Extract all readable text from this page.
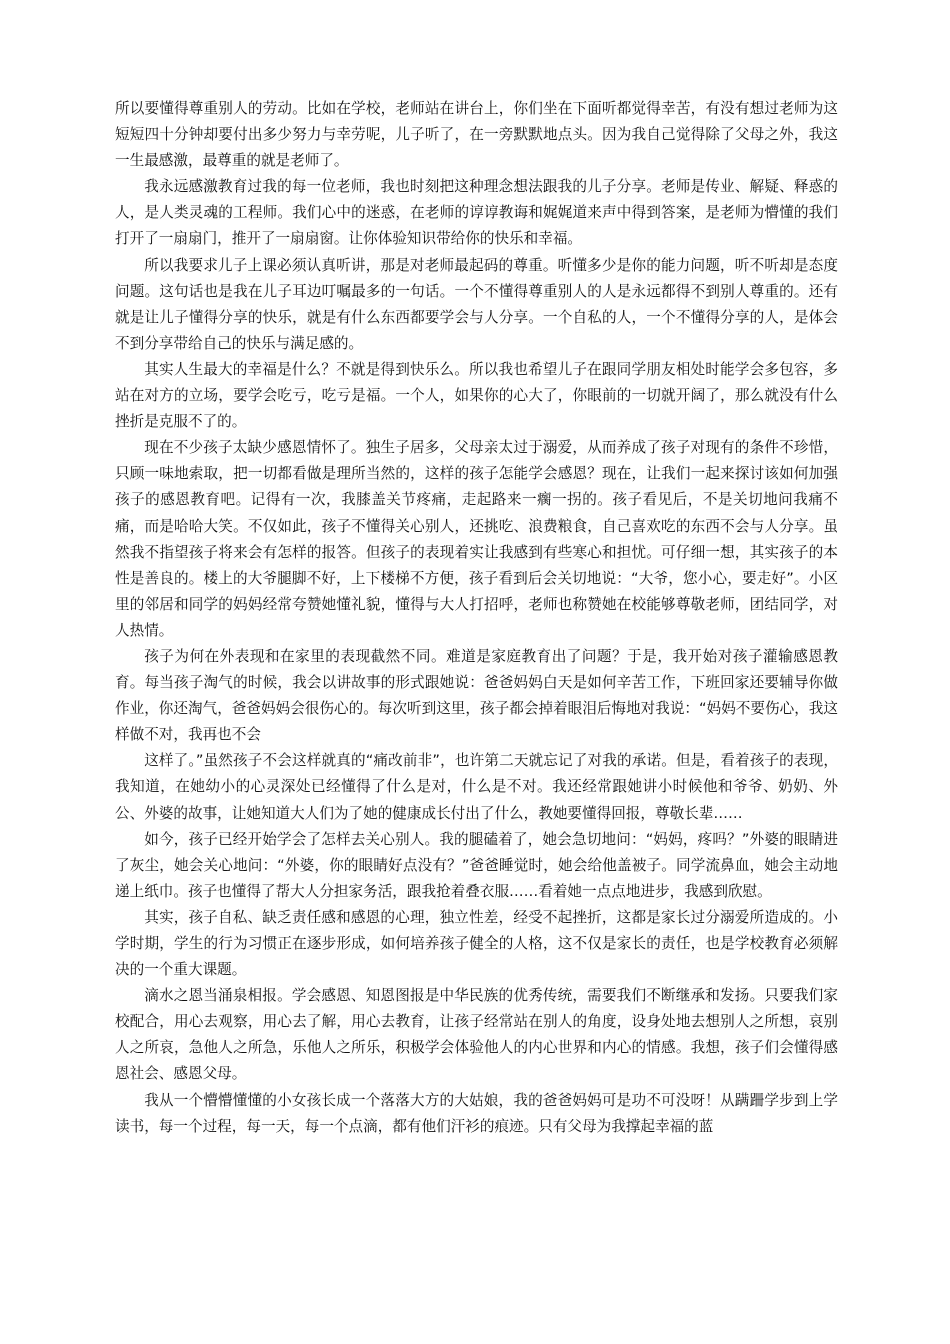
所以要懂得尊重别人的劳动。比如在学校，老师站在讲台上，你们坐在下面听都觉得幸苦，有没有想过老师为这短短四十分钟却要付出多少努力与幸劳呢，儿子听了，在一旁默默地点头。因为我自己觉得除了父母之外，我这一生最感激，最尊重的就是老师了。

我永远感激教育过我的每一位老师，我也时刻把这种理念想法跟我的儿子分享。老师是传业、解疑、释惑的人，是人类灵魂的工程师。我们心中的迷惑，在老师的谆谆教诲和娓娓道来声中得到答案，是老师为懵懂的我们打开了一扇扇门，推开了一扇扇窗。让你体验知识带给你的快乐和幸福。

所以我要求儿子上课必须认真听讲，那是对老师最起码的尊重。听懂多少是你的能力问题，听不听却是态度问题。这句话也是我在儿子耳边叮嘱最多的一句话。一个不懂得尊重别人的人是永远都得不到别人尊重的。还有就是让儿子懂得分享的快乐，就是有什么东西都要学会与人分享。一个自私的人，一个不懂得分享的人，是体会不到分享带给自己的快乐与满足感的。

其实人生最大的幸福是什么？不就是得到快乐么。所以我也希望儿子在跟同学朋友相处时能学会多包容，多站在对方的立场，要学会吃亏，吃亏是福。一个人，如果你的心大了，你眼前的一切就开阔了，那么就没有什么挫折是克服不了的。

现在不少孩子太缺少感恩情怀了。独生子居多，父母亲太过于溺爱，从而养成了孩子对现有的条件不珍惜，只顾一味地索取，把一切都看做是理所当然的，这样的孩子怎能学会感恩？现在，让我们一起来探讨该如何加强孩子的感恩教育吧。记得有一次，我膝盖关节疼痛，走起路来一瘸一拐的。孩子看见后，不是关切地问我痛不痛，而是哈哈大笑。不仅如此，孩子不懂得关心别人，还挑吃、浪费粮食，自己喜欢吃的东西不会与人分享。虽然我不指望孩子将来会有怎样的报答。但孩子的表现着实让我感到有些寒心和担忧。可仔细一想，其实孩子的本性是善良的。楼上的大爷腿脚不好，上下楼梯不方便，孩子看到后会关切地说：“大爷，您小心，要走好”。小区里的邻居和同学的妈妈经常夸赞她懂礼貌，懂得与大人打招呼，老师也称赞她在校能够尊敬老师，团结同学，对人热情。

孩子为何在外表现和在家里的表现截然不同。难道是家庭教育出了问题？于是，我开始对孩子灌输感恩教育。每当孩子淘气的时候，我会以讲故事的形式跟她说：爸爸妈妈白天是如何辛苦工作，下班回家还要辅导你做作业，你还淘气，爸爸妈妈会很伤心的。每次听到这里，孩子都会掉着眼泪后悔地对我说：“妈妈不要伤心，我这样做不对，我再也不会

这样了。”虽然孩子不会这样就真的“痛改前非”，也许第二天就忘记了对我的承诺。但是，看着孩子的表现，我知道，在她幼小的心灵深处已经懂得了什么是对，什么是不对。我还经常跟她讲小时候他和爷爷、奶奶、外公、外婆的故事，让她知道大人们为了她的健康成长付出了什么，教她要懂得回报，尊敬长辈……

如今，孩子已经开始学会了怎样去关心别人。我的腿磕着了，她会急切地问：“妈妈，疼吗？”外婆的眼睛进了灰尘，她会关心地问：“外婆，你的眼睛好点没有？”爸爸睡觉时，她会给他盖被子。同学流鼻血，她会主动地递上纸巾。孩子也懂得了帮大人分担家务活，跟我抢着叠衣服……看着她一点点地进步，我感到欣慰。

其实，孩子自私、缺乏责任感和感恩的心理，独立性差，经受不起挫折，这都是家长过分溺爱所造成的。小学时期，学生的行为习惯正在逐步形成，如何培养孩子健全的人格，这不仅是家长的责任，也是学校教育必须解决的一个重大课题。

滴水之恩当涌泉相报。学会感恩、知恩图报是中华民族的优秀传统，需要我们不断继承和发扬。只要我们家校配合，用心去观察，用心去了解，用心去教育，让孩子经常站在别人的角度，设身处地去想别人之所想，哀别人之所哀，急他人之所急，乐他人之所乐，积极学会体验他人的内心世界和内心的情感。我想，孩子们会懂得感恩社会、感恩父母。

我从一个懵懵懂懂的小女孩长成一个落落大方的大姑娘，我的爸爸妈妈可是功不可没呀！从蹒跚学步到上学读书，每一个过程，每一天，每一个点滴，都有他们汗衫的痕迹。只有父母为我撑起幸福的蓝
